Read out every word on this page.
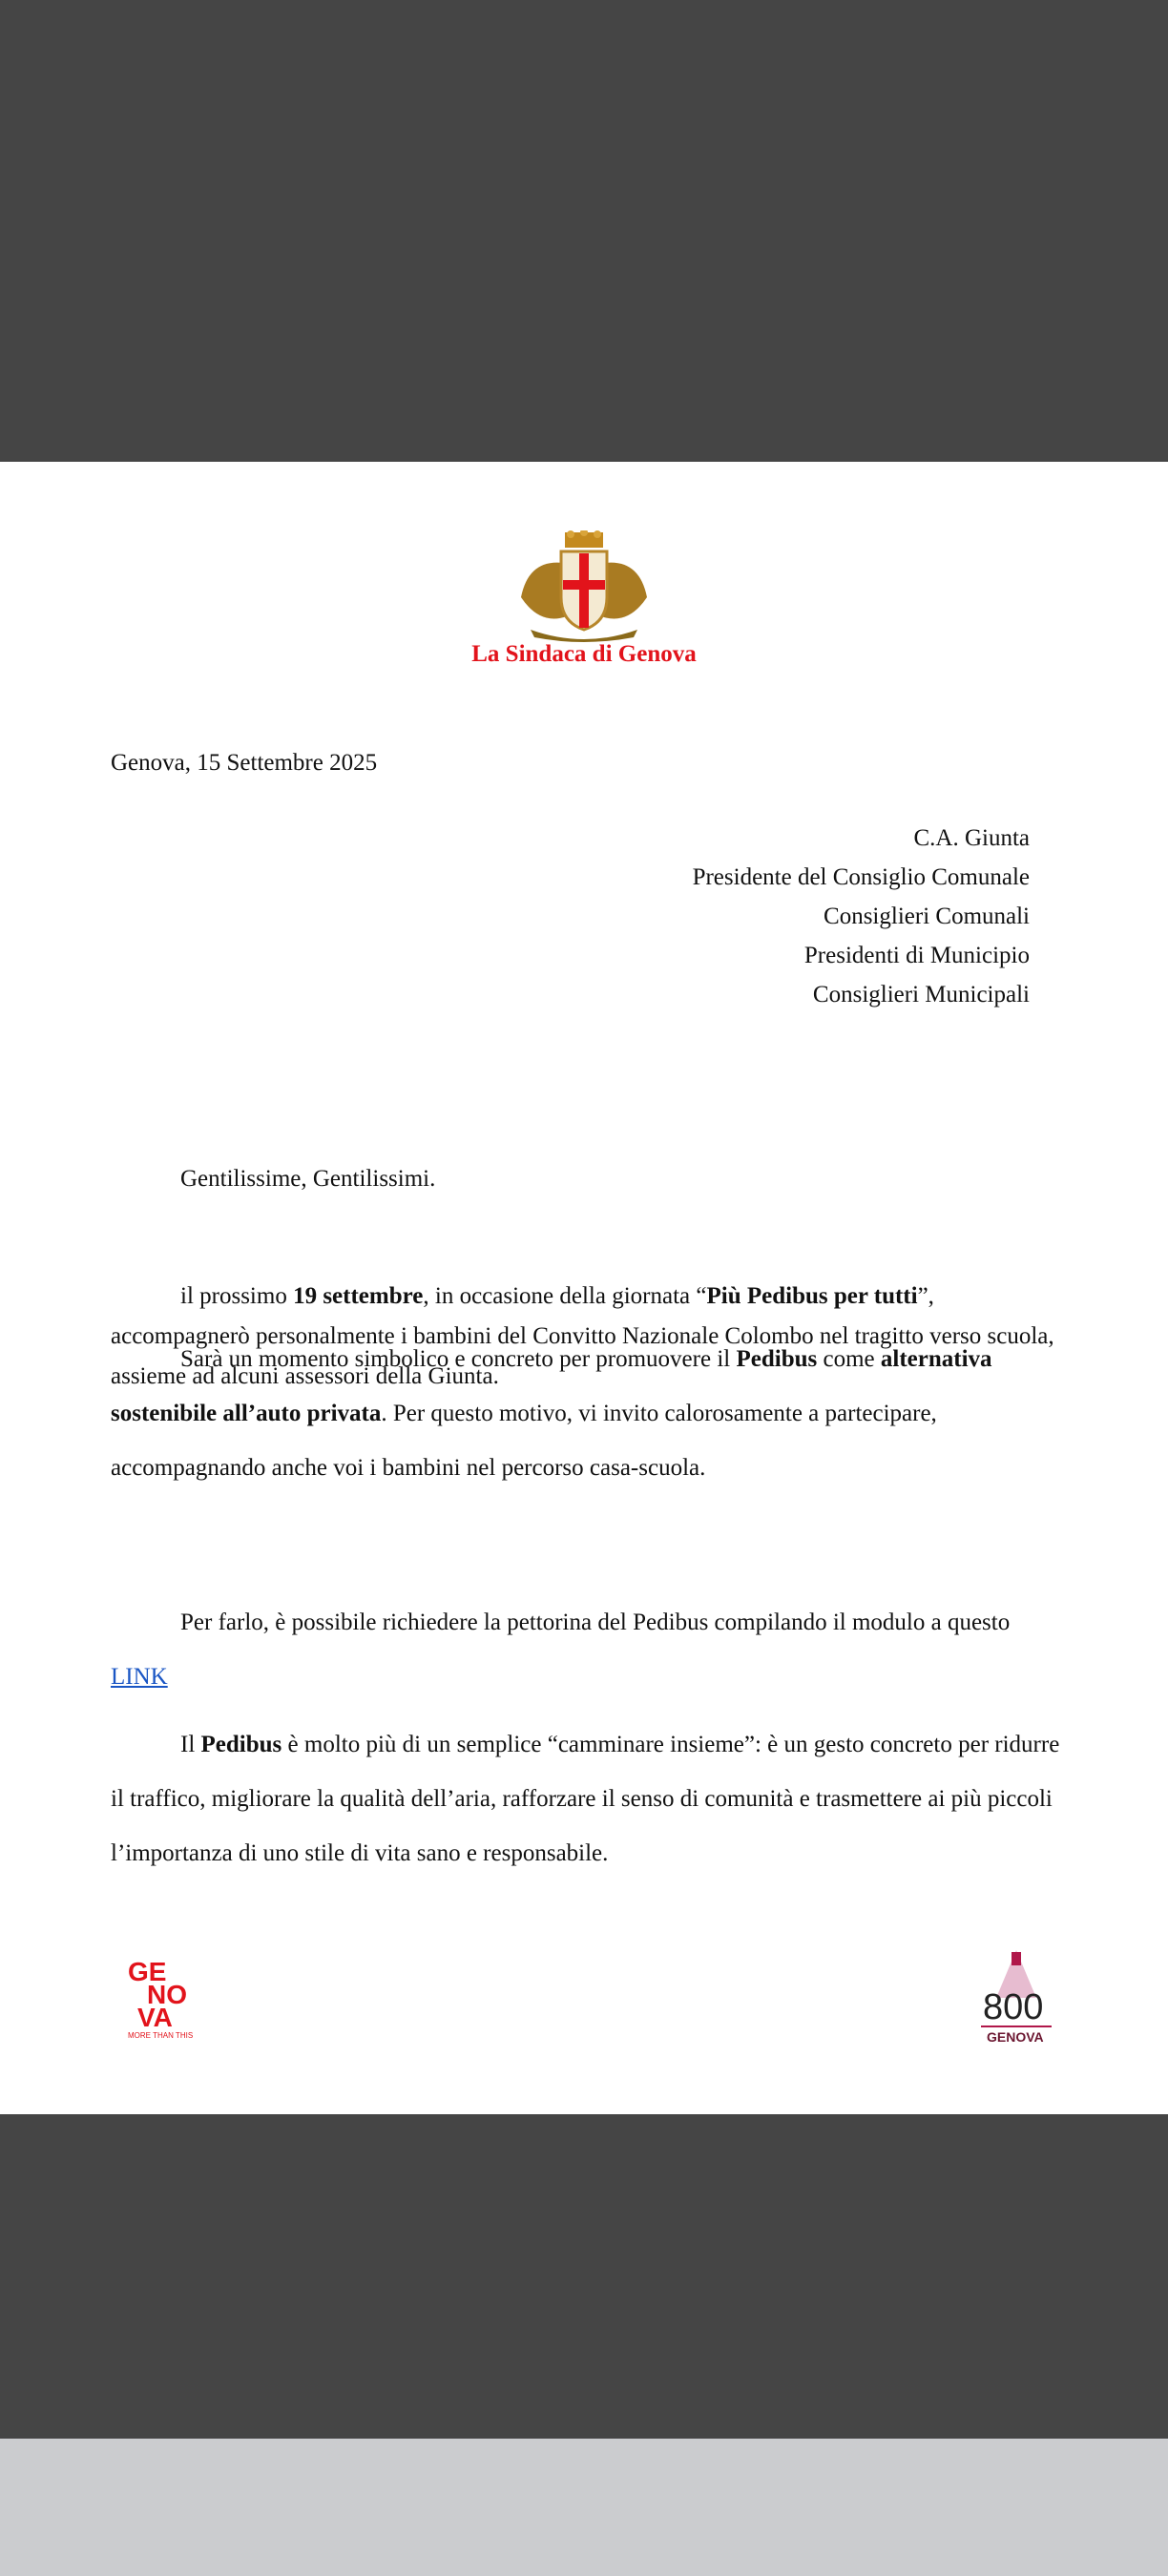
La Sindaca di Genova
Genova, 15 Settembre 2025
C.A. Giunta
Presidente del Consiglio Comunale
Consiglieri Comunali
Presidenti di Municipio
Consiglieri Municipali
Gentilissime, Gentilissimi.
il prossimo 19 settembre, in occasione della giornata “Più Pedibus per tutti”, accompagnerò personalmente i bambini del Convitto Nazionale Colombo nel tragitto verso scuola, assieme ad alcuni assessori della Giunta.
Sarà un momento simbolico e concreto per promuovere il Pedibus come alternativa sostenibile all’auto privata. Per questo motivo, vi invito calorosamente a partecipare, accompagnando anche voi i bambini nel percorso casa-scuola.
Per farlo, è possibile richiedere la pettorina del Pedibus compilando il modulo a questo
LINK
Il Pedibus è molto più di un semplice “camminare insieme”: è un gesto concreto per ridurre il traffico, migliorare la qualità dell’aria, rafforzare il senso di comunità e trasmettere ai più piccoli l’importanza di uno stile di vita sano e responsabile.
GE
NO
VA
MORE THAN THIS
800
GENOVA
